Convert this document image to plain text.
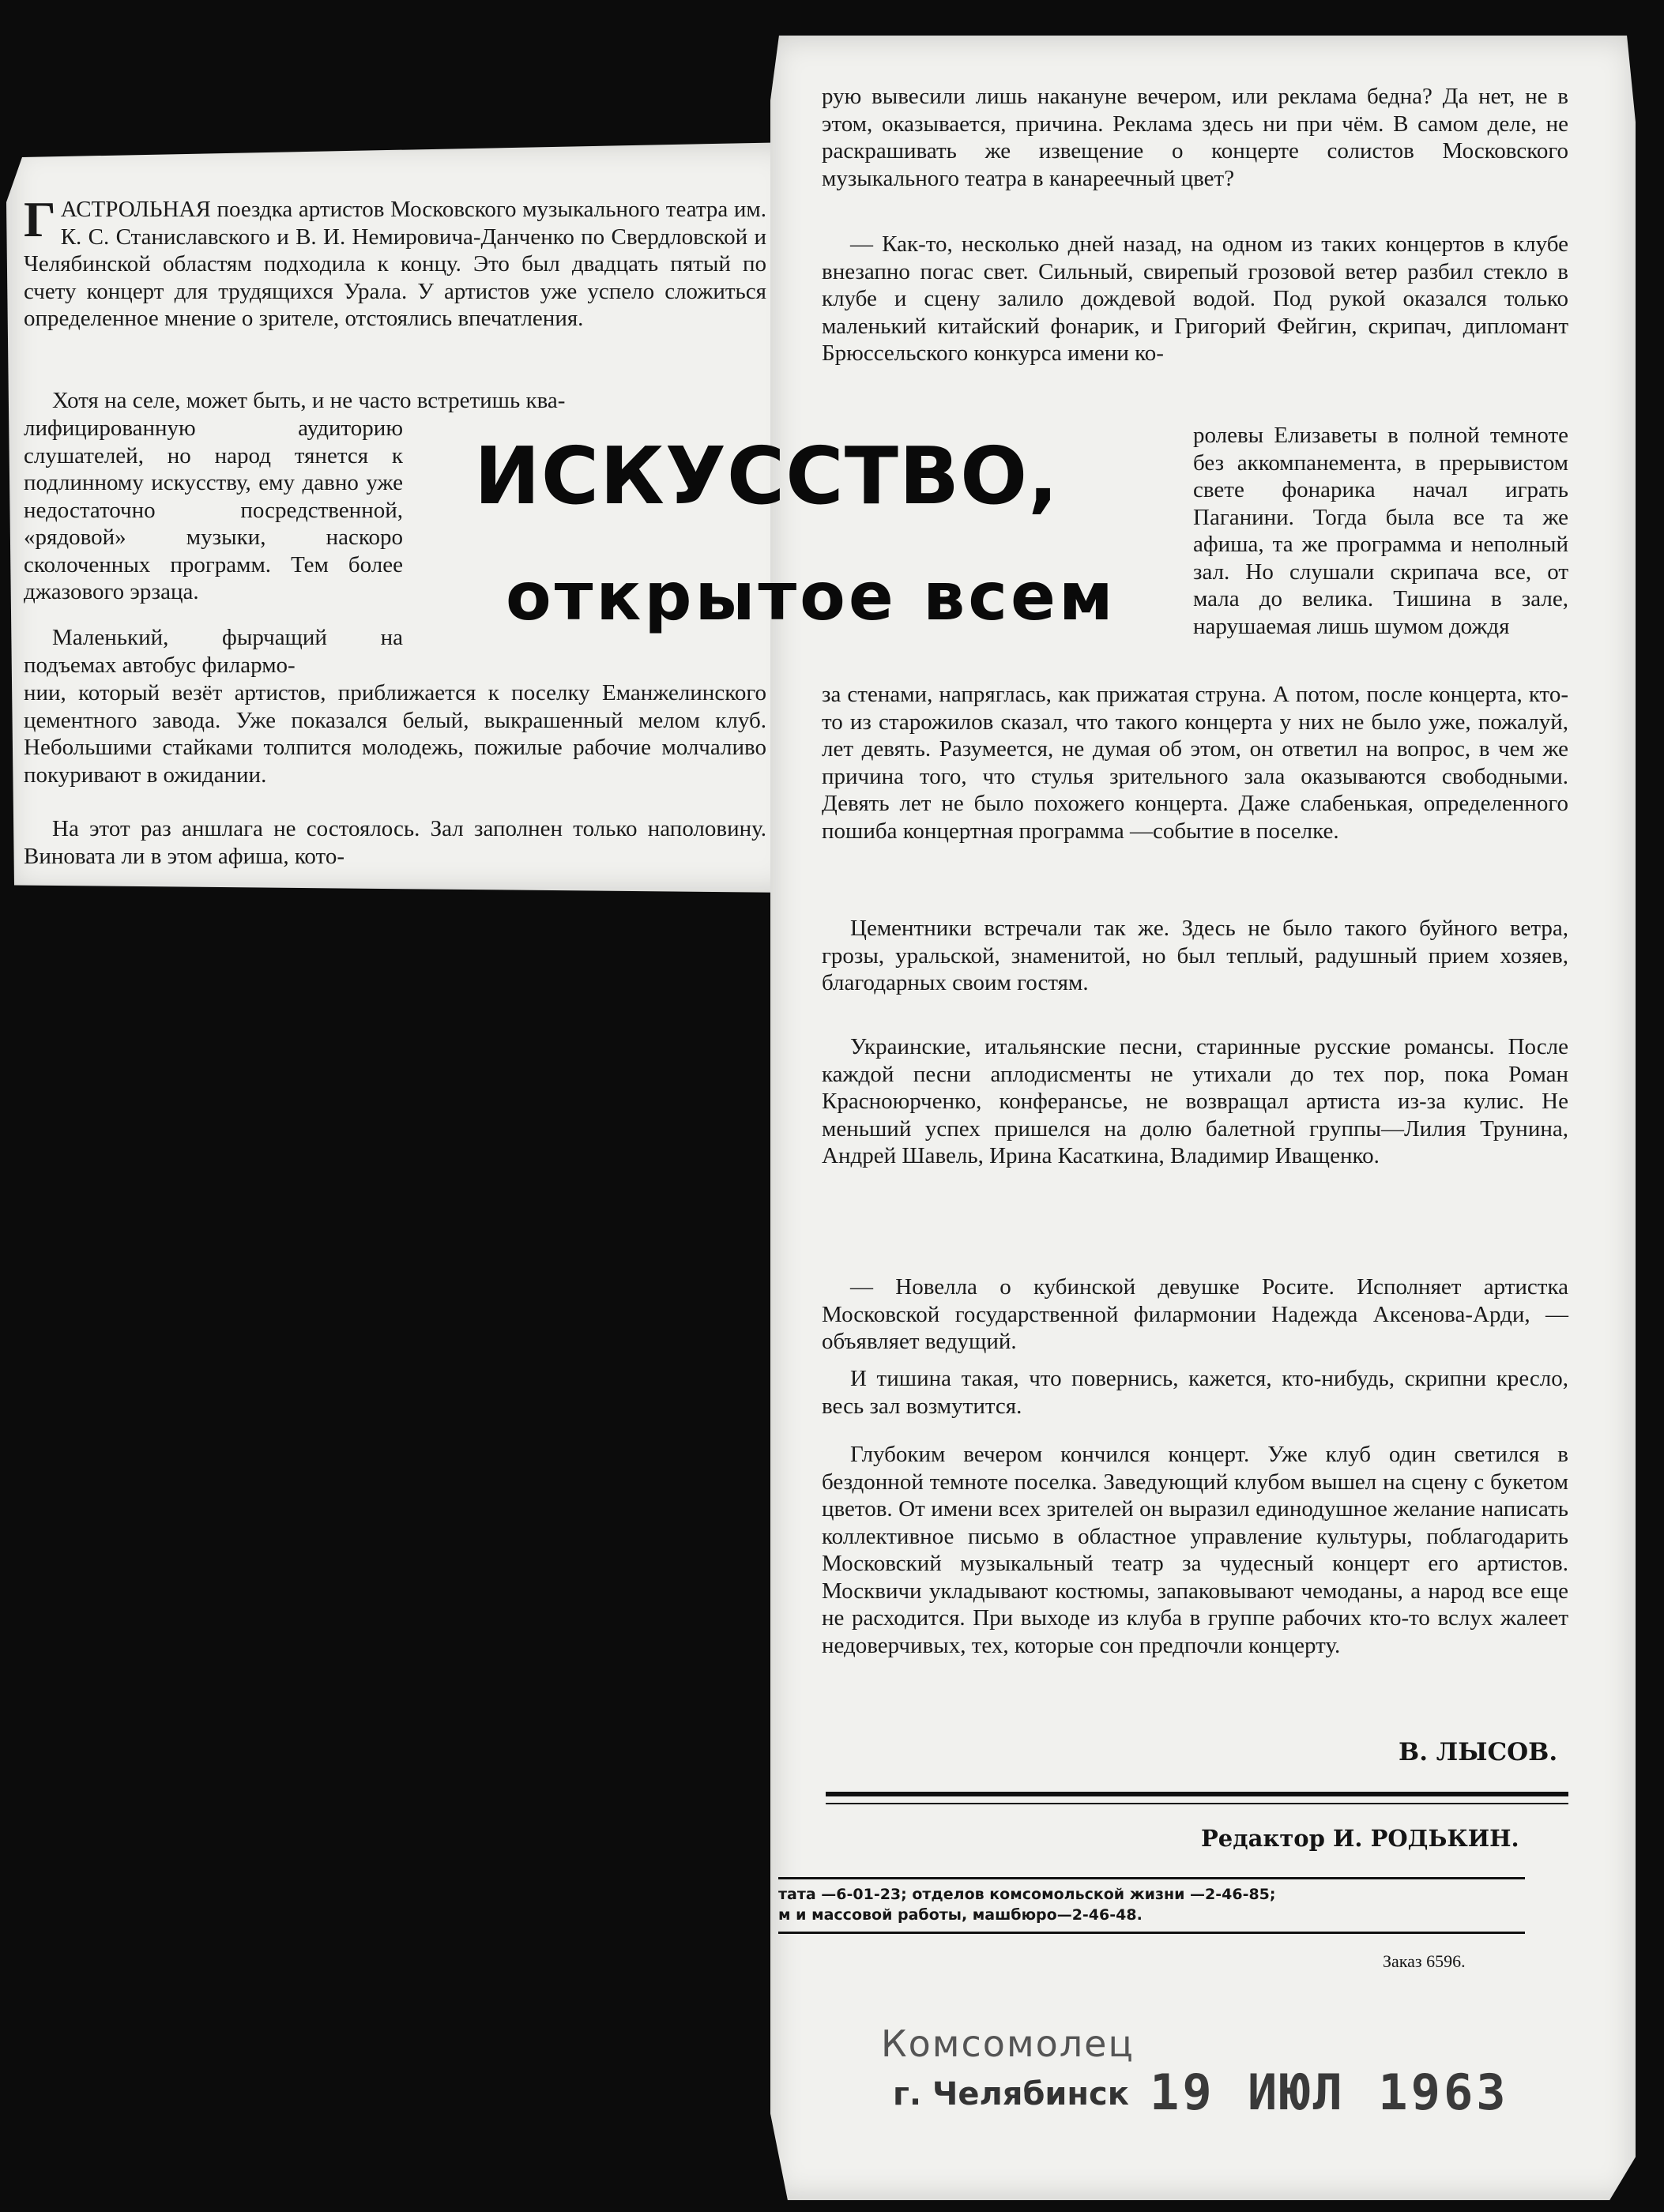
ИСКУССТВО,
открытое всем

Г АСТРОЛЬНАЯ поездка артистов Московского музыкального театра им. К. С. Станиславского и В. И. Немировича-Данченко по Свердловской и Челябинской областям подходила к концу. Это был двадцать пятый по счету концерт для трудящихся Урала. У артистов уже успело сложиться определенное мнение о зрителе, отстоялись впечатления.

Хотя на селе, может быть, и не часто встретишь ква-

лифицированную аудиторию слушателей, но народ тянется к подлинному искусству, ему давно уже недостаточно посредственной, «рядовой» музыки, наскоро сколоченных программ. Тем более джазового эрзаца.

Маленький, фырчащий на подъемах автобус филармо-

нии, который везёт артистов, приближается к поселку Еманжелинского цементного завода. Уже показался белый, выкрашенный мелом клуб. Небольшими стайками толпится молодежь, пожилые рабочие молчаливо покуривают в ожидании.

На этот раз аншлага не состоялось. Зал заполнен только наполовину. Виновата ли в этом афиша, кото-

рую вывесили лишь накануне вечером, или реклама бедна? Да нет, не в этом, оказывается, причина. Реклама здесь ни при чём. В самом деле, не раскрашивать же извещение о концерте солистов Московского музыкального театра в канареечный цвет?

— Как-то, несколько дней назад, на одном из таких концертов в клубе внезапно погас свет. Сильный, свирепый грозовой ветер разбил стекло в клубе и сцену залило дождевой водой. Под рукой оказался только маленький китайский фонарик, и Григорий Фейгин, скрипач, дипломант Брюссельского конкурса имени ко-

ролевы Елизаветы в полной темноте без аккомпанемента, в прерывистом свете фонарика начал играть Паганини. Тогда была все та же афиша, та же программа и неполный зал. Но слушали скрипача все, от мала до велика. Тишина в зале, нарушаемая лишь шумом дождя

за стенами, напряглась, как прижатая струна. А потом, после концерта, кто-то из старожилов сказал, что такого концерта у них не было уже, пожалуй, лет девять. Разумеется, не думая об этом, он ответил на вопрос, в чем же причина того, что стулья зрительного зала оказываются свободными. Девять лет не было похожего концерта. Даже слабенькая, определенного пошиба концертная программа —событие в поселке.

Цементники встречали так же. Здесь не было такого буйного ветра, грозы, уральской, знаменитой, но был теплый, радушный прием хозяев, благодарных своим гостям.

Украинские, итальянские песни, старинные русские романсы. После каждой песни аплодисменты не утихали до тех пор, пока Роман Красноюрченко, конферансье, не возвращал артиста из-за кулис. Не меньший успех пришелся на долю балетной группы—Лилия Трунина, Андрей Шавель, Ирина Касаткина, Владимир Иващенко.

— Новелла о кубинской девушке Росите. Исполняет артистка Московской государственной филармонии Надежда Аксенова-Арди, — объявляет ведущий.

И тишина такая, что повернись, кажется, кто-нибудь, скрипни кресло, весь зал возмутится.

Глубоким вечером кончился концерт. Уже клуб один светился в бездонной темноте поселка. Заведующий клубом вышел на сцену с букетом цветов. От имени всех зрителей он выразил единодушное желание написать коллективное письмо в областное управление культуры, поблагодарить Московский музыкальный театр за чудесный концерт его артистов. Москвичи укладывают костюмы, запаковывают чемоданы, а народ все еще не расходится. При выходе из клуба в группе рабочих кто-то вслух жалеет недоверчивых, тех, которые сон предпочли концерту.

В. ЛЫСОВ.

Редактор И. РОДЬКИН.

тата —6-01-23; отделов комсомольской жизни —2-46-85;

м и массовой работы, машбюро—2-46-48.

Заказ 6596.

Комсомолец

г. Челябинск 19 ИЮЛ 1963
